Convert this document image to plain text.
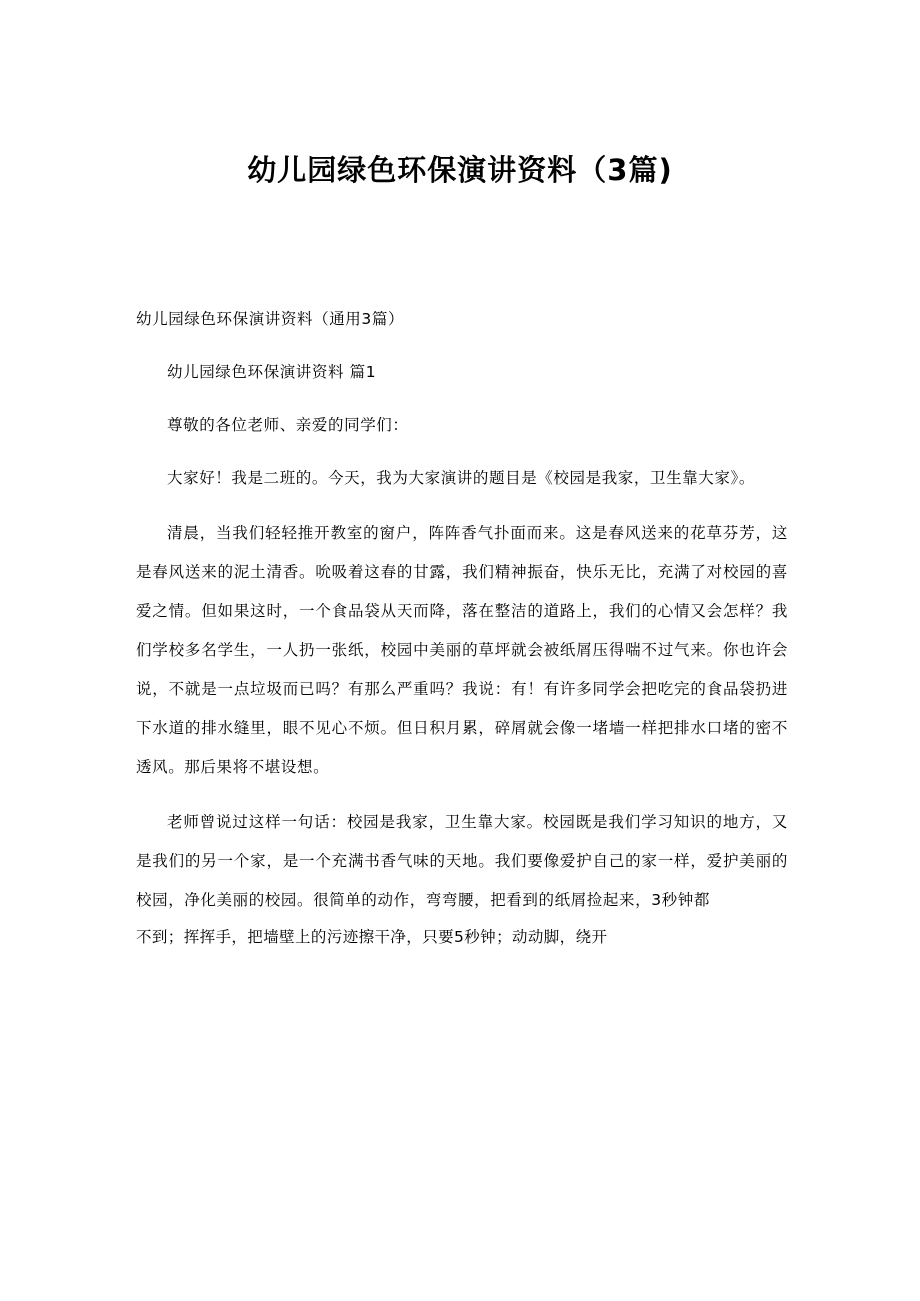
幼儿园绿色环保演讲资料（3篇)

幼儿园绿色环保演讲资料（通用3篇）

幼儿园绿色环保演讲资料 篇1

尊敬的各位老师、亲爱的同学们：

大家好！我是二班的。今天，我为大家演讲的题目是《校园是我家，卫生靠大家》。

清晨，当我们轻轻推开教室的窗户，阵阵香气扑面而来。这是春风送来的花草芬芳，这是春风送来的泥土清香。吮吸着这春的甘露，我们精神振奋，快乐无比，充满了对校园的喜爱之情。但如果这时，一个食品袋从天而降，落在整洁的道路上，我们的心情又会怎样？我们学校多名学生，一人扔一张纸，校园中美丽的草坪就会被纸屑压得喘不过气来。你也许会说，不就是一点垃圾而已吗？有那么严重吗？我说：有！有许多同学会把吃完的食品袋扔进下水道的排水缝里，眼不见心不烦。但日积月累，碎屑就会像一堵墙一样把排水口堵的密不透风。那后果将不堪设想。

老师曾说过这样一句话：校园是我家，卫生靠大家。校园既是我们学习知识的地方，又是我们的另一个家，是一个充满书香气味的天地。我们要像爱护自己的家一样，爱护美丽的校园，净化美丽的校园。很简单的动作，弯弯腰，把看到的纸屑捡起来，3秒钟都

不到；挥挥手，把墙壁上的污迹擦干净，只要5秒钟；动动脚，绕开
